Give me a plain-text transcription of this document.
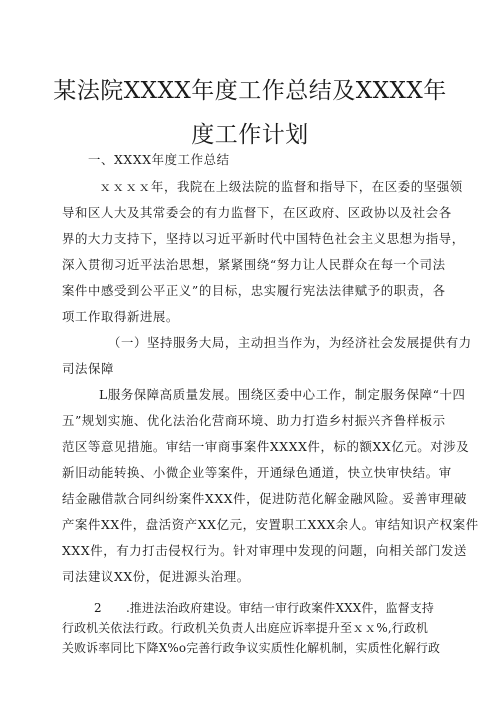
某法院XXXX年度工作总结及XXXX年
度工作计划

一、XXXX年度工作总结

ｘｘｘｘ年，我院在上级法院的监督和指导下，在区委的坚强领

导和区人大及其常委会的有力监督下，在区政府、区政协以及社会各

界的大力支持下，坚持以习近平新时代中国特色社会主义思想为指导，

深入贯彻习近平法治思想，紧紧围绕“努力让人民群众在每一个司法

案件中感受到公平正义”的目标，忠实履行宪法法律赋予的职责，各

项工作取得新进展。

（一）坚持服务大局，主动担当作为，为经济社会发展提供有力

司法保障

L服务保障高质量发展。围绕区委中心工作，制定服务保障“十四

五”规划实施、优化法治化营商环境、助力打造乡村振兴齐鲁样板示

范区等意见措施。审结一审商事案件XXXX件，标的额XX亿元。对涉及

新旧动能转换、小微企业等案件，开通绿色通道，快立快审快结。审

结金融借款合同纠纷案件XXX件，促进防范化解金融风险。妥善审理破

产案件XX件，盘活资产XX亿元，安置职工XXX余人。审结知识产权案件

XXX件，有力打击侵权行为。针对审理中发现的问题，向相关部门发送

司法建议XX份，促进源头治理。

2　　.推进法治政府建设。审结一审行政案件XXX件，监督支持

行政机关依法行政。行政机关负责人出庭应诉率提升至ｘｘ%,行政机

关败诉率同比下降X%o完善行政争议实质性化解机制，实质性化解行政
